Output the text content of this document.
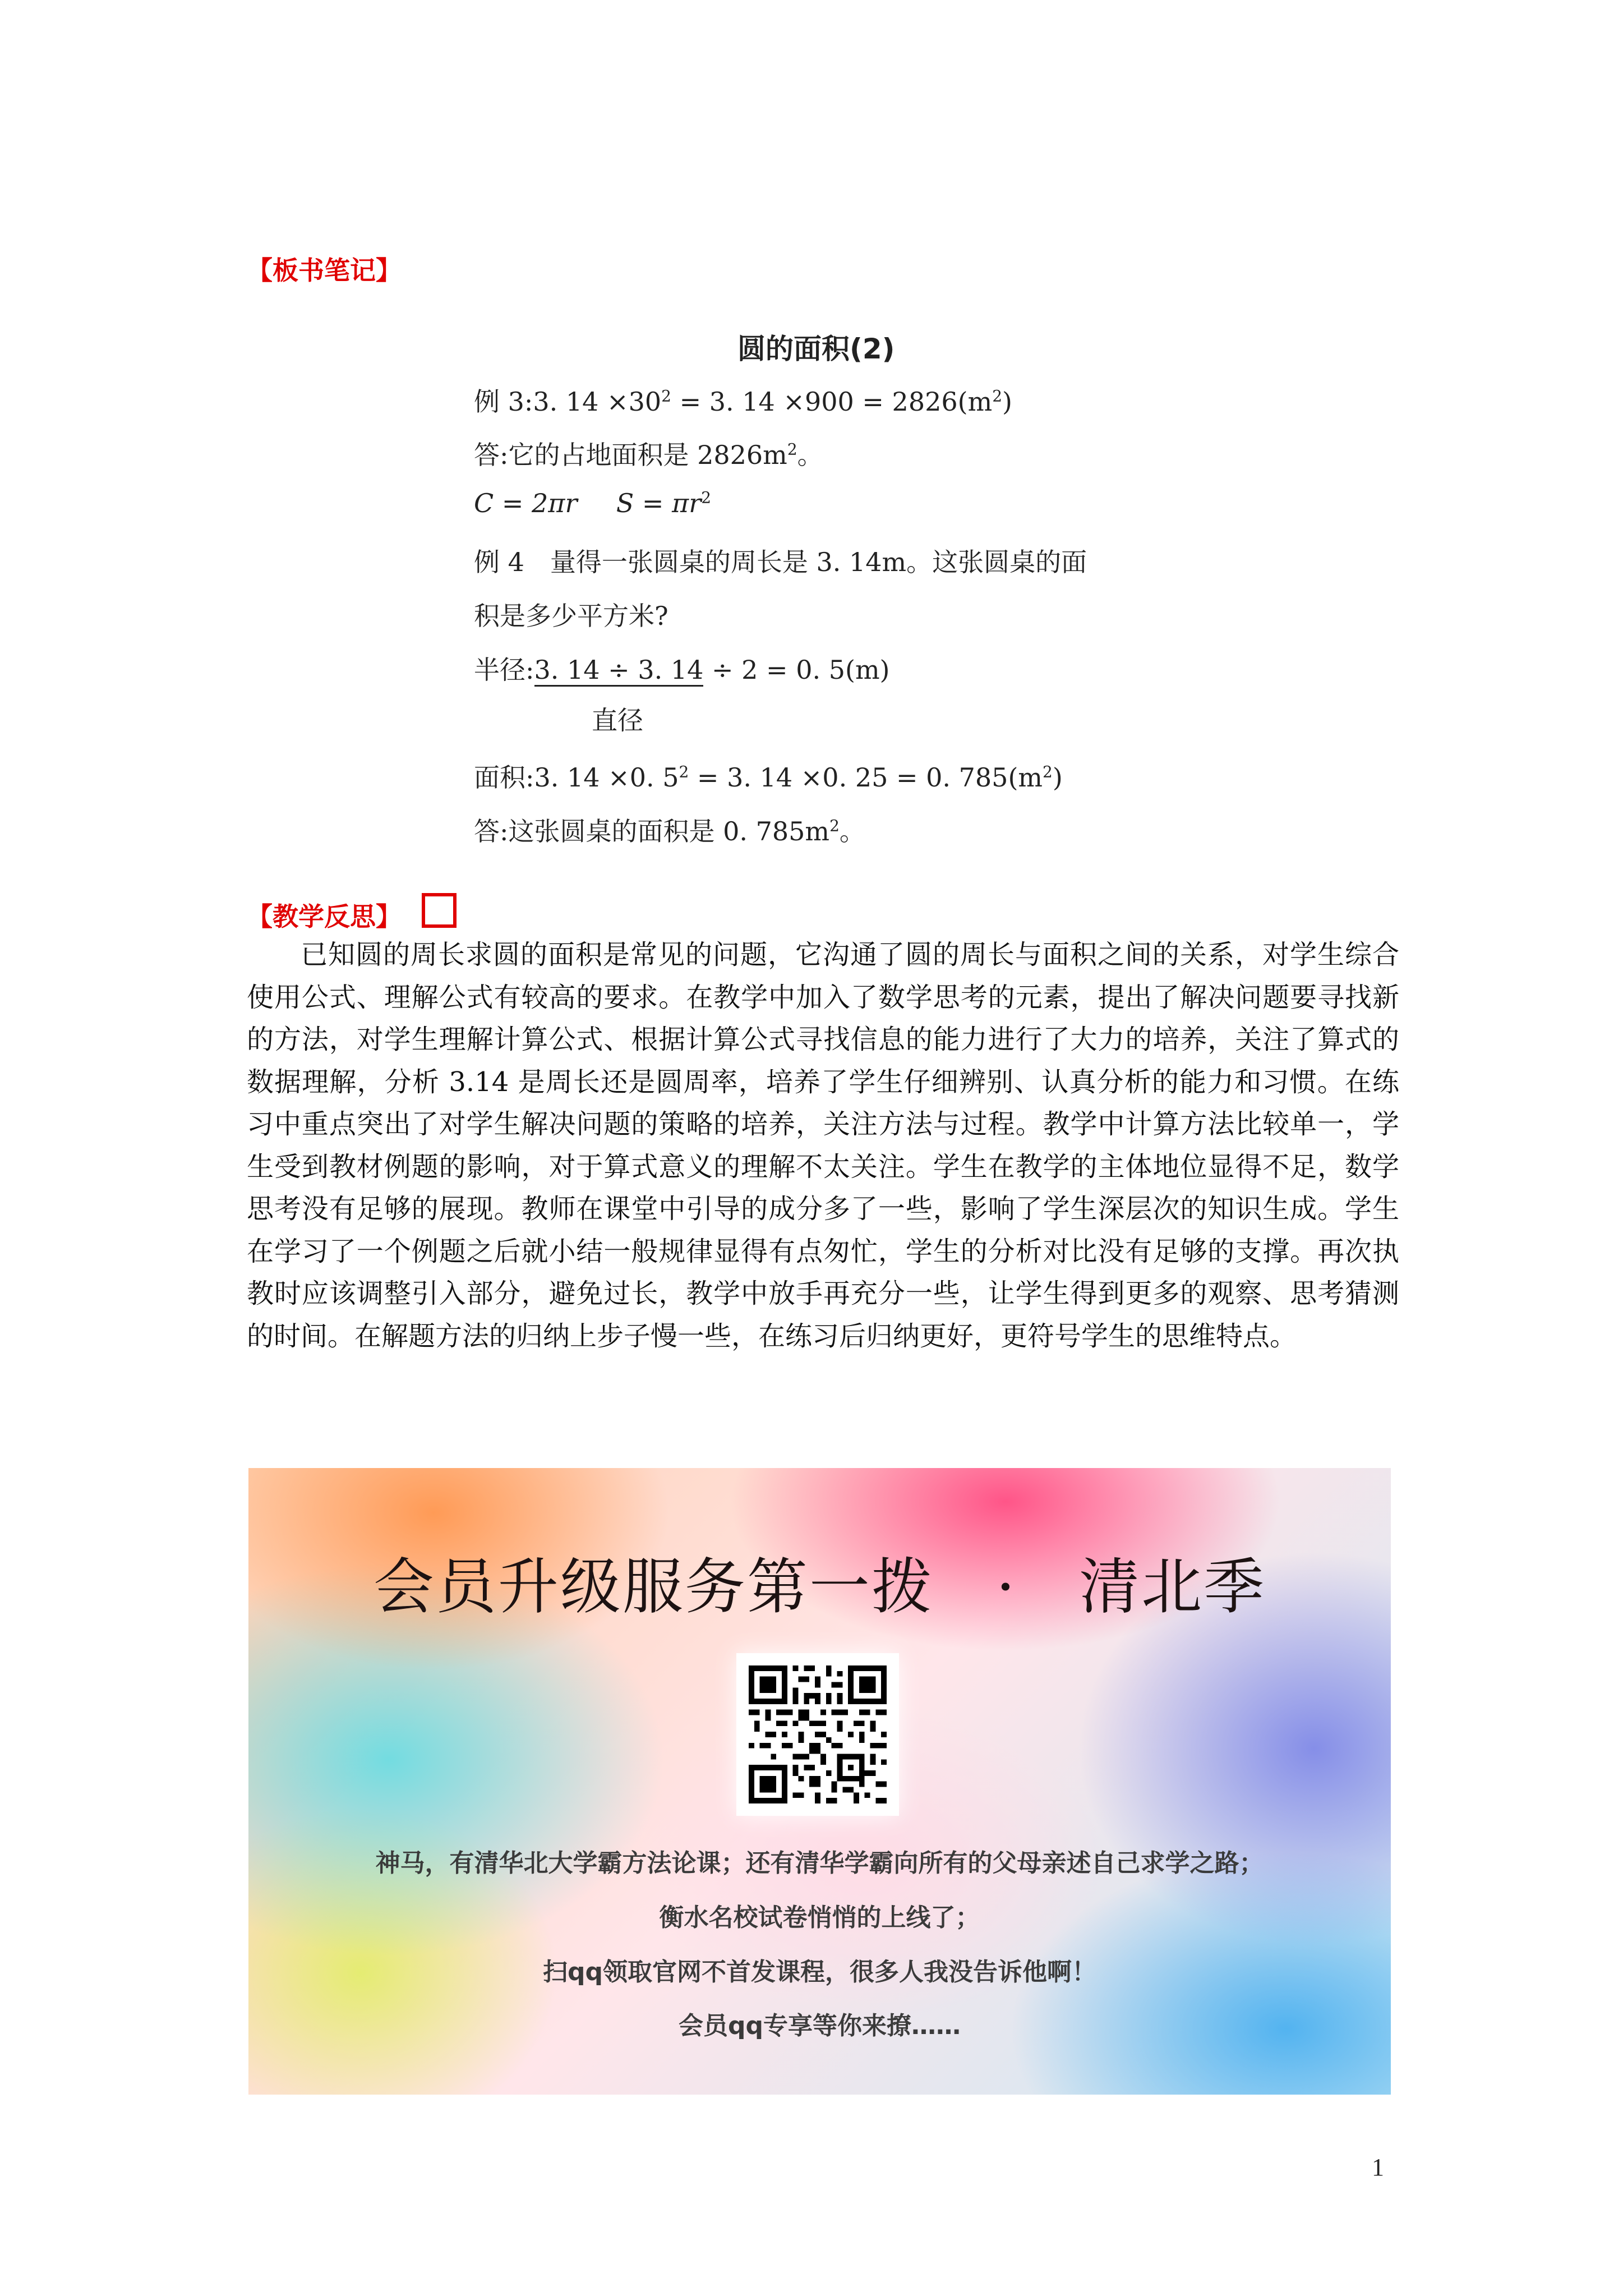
【板书笔记】
圆的面积(2)
例 3:3. $14 \times 30^2 = 3$. $14 \times 900 = 2826(m^2)$
答:它的占地面积是 $2826m^2$。
C = 2πr $S = \pi r^2$
例 4　量得一张圆桌的周长是 3. 14m。这张圆桌的面
积是多少平方米?
半径:3. 14 ÷ 3. 14 ÷ 2 = 0. 5(m)
直径
面积:3. 14 ×0. $5^2 = 3$. 14 ×0. 25 = 0. $785(m^2)$
答:这张圆桌的面积是 0. $785m^2$。
【教学反思】
已知圆的周长求圆的面积是常见的问题，它沟通了圆的周长与面积之间的关系，对学生综合使用公式、理解公式有较高的要求。在教学中加入了数学思考的元素，提出了解决问题要寻找新的方法，对学生理解计算公式、根据计算公式寻找信息的能力进行了大力的培养，关注了算式的数据理解，分析 3.14 是周长还是圆周率，培养了学生仔细辨别、认真分析的能力和习惯。在练习中重点突出了对学生解决问题的策略的培养，关注方法与过程。教学中计算方法比较单一，学生受到教材例题的影响，对于算式意义的理解不太关注。学生在教学的主体地位显得不足，数学思考没有足够的展现。教师在课堂中引导的成分多了一些，影响了学生深层次的知识生成。学生在学习了一个例题之后就小结一般规律显得有点匆忙，学生的分析对比没有足够的支撑。再次执教时应该调整引入部分，避免过长，教学中放手再充分一些，让学生得到更多的观察、思考猜测的时间。在解题方法的归纳上步子慢一些，在练习后归纳更好，更符号学生的思维特点。
会员升级服务第一拨　·　清北季
神马，有清华北大学霸方法论课；还有清华学霸向所有的父母亲述自己求学之路；
衡水名校试卷悄悄的上线了；
扫qq领取官网不首发课程，很多人我没告诉他啊！
会员qq专享等你来撩……
1
